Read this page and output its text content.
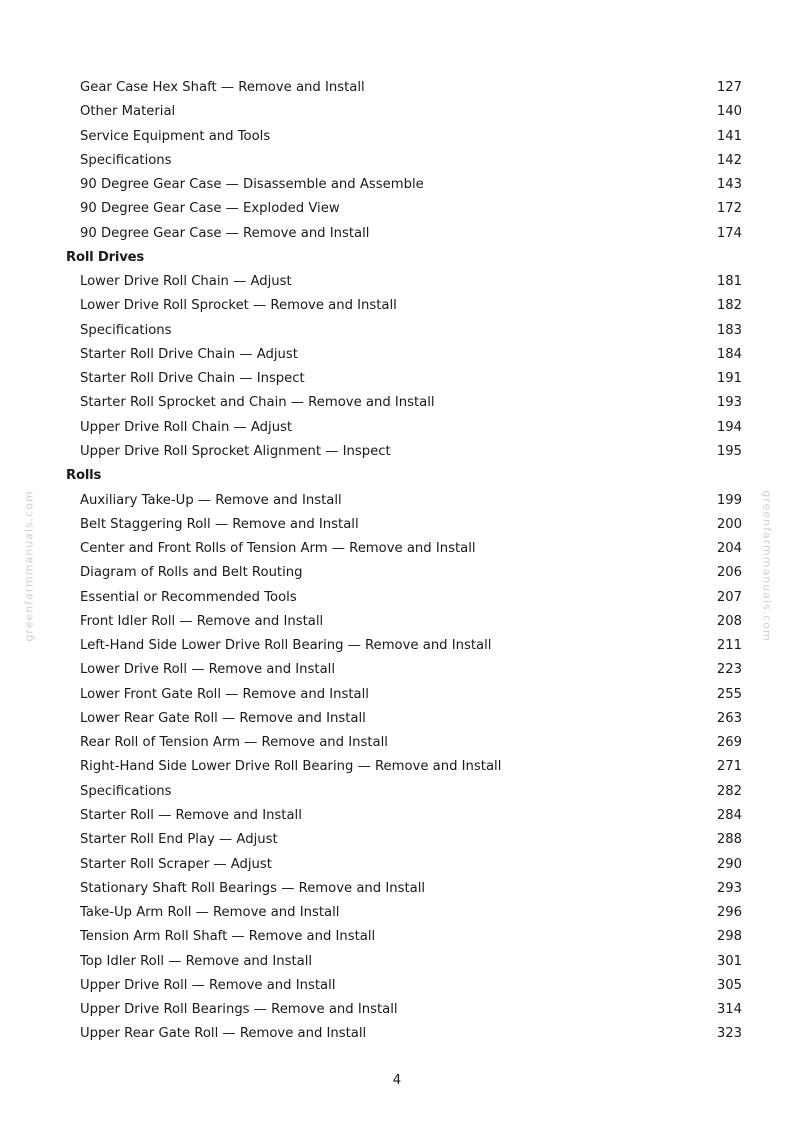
greenfarmmanuals.com	greenfarmmanuals.com
Gear Case Hex Shaft — Remove and Install	127
Other Material	140
Service Equipment and Tools	141
Specifications	142
90 Degree Gear Case — Disassemble and Assemble	143
90 Degree Gear Case — Exploded View	172
90 Degree Gear Case — Remove and Install	174
Roll Drives
Lower Drive Roll Chain — Adjust	181
Lower Drive Roll Sprocket — Remove and Install	182
Specifications	183
Starter Roll Drive Chain — Adjust	184
Starter Roll Drive Chain — Inspect	191
Starter Roll Sprocket and Chain — Remove and Install	193
Upper Drive Roll Chain — Adjust	194
Upper Drive Roll Sprocket Alignment — Inspect	195
Rolls
Auxiliary Take-Up — Remove and Install	199
Belt Staggering Roll — Remove and Install	200
Center and Front Rolls of Tension Arm — Remove and Install	204
Diagram of Rolls and Belt Routing	206
Essential or Recommended Tools	207
Front Idler Roll — Remove and Install	208
Left-Hand Side Lower Drive Roll Bearing — Remove and Install	211
Lower Drive Roll — Remove and Install	223
Lower Front Gate Roll — Remove and Install	255
Lower Rear Gate Roll — Remove and Install	263
Rear Roll of Tension Arm — Remove and Install	269
Right-Hand Side Lower Drive Roll Bearing — Remove and Install	271
Specifications	282
Starter Roll — Remove and Install	284
Starter Roll End Play — Adjust	288
Starter Roll Scraper — Adjust	290
Stationary Shaft Roll Bearings — Remove and Install	293
Take-Up Arm Roll — Remove and Install	296
Tension Arm Roll Shaft — Remove and Install	298
Top Idler Roll — Remove and Install	301
Upper Drive Roll — Remove and Install	305
Upper Drive Roll Bearings — Remove and Install	314
Upper Rear Gate Roll — Remove and Install	323
4
